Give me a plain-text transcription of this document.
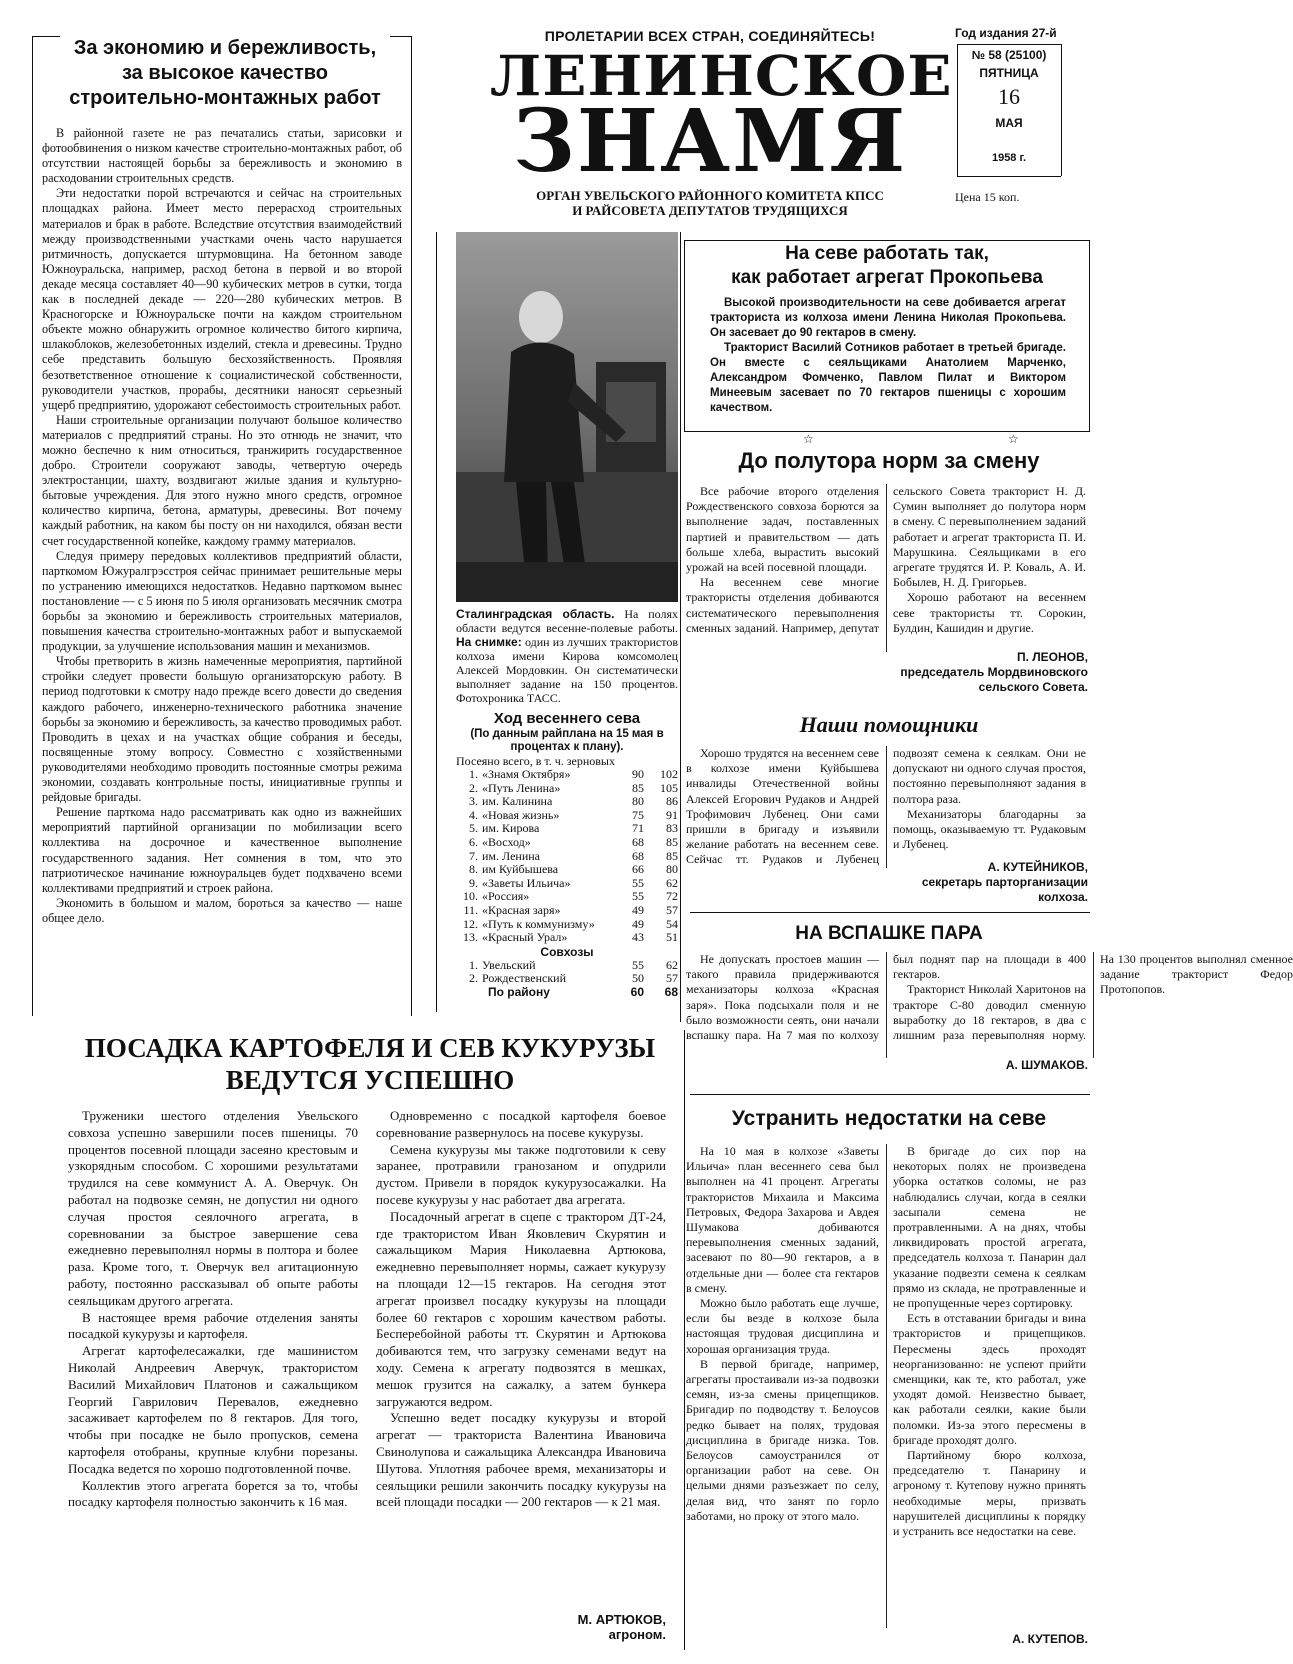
За экономию и бережливость,
за высокое качество
строительно-монтажных работ

В районной газете не раз печатались статьи, зарисовки и фотообвинения о низком качестве строительно-монтажных работ, об отсутствии настоящей борьбы за бережливость и экономию в расходовании строительных средств.

Эти недостатки порой встречаются и сейчас на строительных площадках района. Имеет место перерасход строительных материалов и брак в работе. Вследствие отсутствия взаимодействий между производственными участками очень часто нарушается ритмичность, допускается штурмовщина. На бетонном заводе Южноуральска, например, расход бетона в первой и во второй декаде месяца составляет 40—90 кубических метров в сутки, тогда как в последней декаде — 220—280 кубических метров. В Красногорске и Южноуральске почти на каждом строительном объекте можно обнаружить огромное количество битого кирпича, шлакоблоков, железобетонных изделий, стекла и древесины. Трудно себе представить большую бесхозяйственность. Проявляя безответственное отношение к социалистической собственности, руководители участков, прорабы, десятники наносят серьезный ущерб предприятию, удорожают себестоимость строительных работ.

Наши строительные организации получают большое количество материалов с предприятий страны. Но это отнюдь не значит, что можно беспечно к ним относиться, транжирить государственное добро. Строители сооружают заводы, четвертую очередь электростанции, шахту, воздвигают жилые здания и культурно-бытовые учреждения. Для этого нужно много средств, огромное количество кирпича, бетона, арматуры, древесины. Вот почему каждый работник, на каком бы посту он ни находился, обязан вести счет государственной копейке, каждому грамму материалов.

Следуя примеру передовых коллективов предприятий области, парткомом Южуралгрэсстроя сейчас принимает решительные меры по устранению имеющихся недостатков. Недавно парткомом вынес постановление — с 5 июня по 5 июля организовать месячник смотра борьбы за экономию и бережливость строительных материалов, повышения качества строительно-монтажных работ и выпускаемой продукции, за улучшение использования машин и механизмов.

Чтобы претворить в жизнь намеченные мероприятия, партийной стройки следует провести большую организаторскую работу. В период подготовки к смотру надо прежде всего довести до сведения каждого рабочего, инженерно-технического работника значение борьбы за экономию и бережливость, за качество проводимых работ. Проводить в цехах и на участках общие собрания и беседы, посвященные этому вопросу. Совместно с хозяйственными руководителями необходимо проводить постоянные смотры режима экономии, создавать контрольные посты, инициативные группы и рейдовые бригады.

Решение парткома надо рассматривать как одно из важнейших мероприятий партийной организации по мобилизации всего коллектива на досрочное и качественное выполнение государственного задания. Нет сомнения в том, что это патриотическое начинание южноуральцев будет подхвачено всеми коллективами предприятий и строек района.

Экономить в большом и малом, бороться за качество — наше общее дело.

ПРОЛЕТАРИИ ВСЕХ СТРАН, СОЕДИНЯЙТЕСЬ!
ЛЕНИНСКОЕ
ЗНАМЯ
ОРГАН УВЕЛЬСКОГО РАЙОННОГО КОМИТЕТА КПСС
И РАЙСОВЕТА ДЕПУТАТОВ ТРУДЯЩИХСЯ
Год издания 27-й
№ 58 (25100)
ПЯТНИЦА
16
МАЯ
1958 г.
Цена 15 коп.
Сталинградская область. На полях области ведутся весенне-полевые работы. На снимке: один из лучших трактористов колхоза имени Кирова комсомолец Алексей Мордовкин. Он систематически выполняет задание на 150 процентов. Фотохроника ТАСС.
Ход весеннего сева
(По данным райплана на 15 мая в процентах к плану).
Посеяно всего, в т. ч. зерновых
1.	«Знамя Октября»	90	102
2.	«Путь Ленина»	85	105
3.	им. Калинина	80	86
4.	«Новая жизнь»	75	91
5.	им. Кирова	71	83
6.	«Восход»	68	85
7.	им. Ленина	68	85
8.	им Куйбышева	66	80
9.	«Заветы Ильича»	55	62
10.	«Россия»	55	72
11.	«Красная заря»	49	57
12.	«Путь к коммунизму»	49	54
13.	«Красный Урал»	43	51
Совхозы
1.	Увельский	55	62
2.	Рождественский	50	57
По району	60	68
На севе работать так,
как работает агрегат Прокопьева

Высокой производительности на севе добивается агрегат тракториста из колхоза имени Ленина Николая Прокопьева. Он засевает до 90 гектаров в смену.

Тракторист Василий Сотников работает в третьей бригаде. Он вместе с сеяльщиками Анатолием Марченко, Александром Фомченко, Павлом Пилат и Виктором Минеевым засевает по 70 гектаров пшеницы с хорошим качеством.

☆	☆
До полутора норм за смену

Все рабочие второго отделения Рождественского совхоза борются за выполнение задач, поставленных партией и правительством — дать больше хлеба, вырастить высокий урожай на всей посевной площади.

На весеннем севе многие трактористы отделения добиваются систематического перевыполнения сменных заданий. Например, депутат сельского Совета тракторист Н. Д. Сумин выполняет до полутора норм в смену. С перевыполнением заданий работает и агрегат тракториста П. И. Марушкина. Сеяльщиками в его агрегате трудятся И. Р. Коваль, А. И. Бобылев, Н. Д. Григорьев.

Хорошо работают на весеннем севе трактористы тт. Сорокин, Булдин, Кашидин и другие.

П. ЛЕОНОВ,
председатель Мордвиновского
сельского Совета.
Наши помощники

Хорошо трудятся на весеннем севе в колхозе имени Куйбышева инвалиды Отечественной войны Алексей Егорович Рудаков и Андрей Трофимович Лубенец. Они сами пришли в бригаду и изъявили желание работать на весеннем севе. Сейчас тт. Рудаков и Лубенец подвозят семена к сеялкам. Они не допускают ни одного случая простоя, постоянно перевыполняют задания в полтора раза.

Механизаторы благодарны за помощь, оказываемую тт. Рудаковым и Лубенец.

А. КУТЕЙНИКОВ,
секретарь парторганизации
колхоза.
НА ВСПАШКЕ ПАРА

Не допускать простоев машин — такого правила придерживаются механизаторы колхоза «Красная заря». Пока подсыхали поля и не было возможности сеять, они начали вспашку пара. На 7 мая по колхозу был поднят пар на площади в 400 гектаров.

Тракторист Николай Харитонов на тракторе С-80 доводил сменную выработку до 18 гектаров, в два с лишним раза перевыполняя норму. На 130 процентов выполнял сменное задание тракторист Федор Протопопов.

А. ШУМАКОВ.
ПОСАДКА КАРТОФЕЛЯ И СЕВ КУКУРУЗЫ
ВЕДУТСЯ УСПЕШНО

Труженики шестого отделения Увельского совхоза успешно завершили посев пшеницы. 70 процентов посевной площади засеяно крестовым и узкорядным способом. С хорошими результатами трудился на севе коммунист А. А. Оверчук. Он работал на подвозке семян, не допустил ни одного случая простоя сеялочного агрегата, в соревновании за быстрое завершение сева ежедневно перевыполнял нормы в полтора и более раза. Кроме того, т. Оверчук вел агитационную работу, постоянно рассказывал об опыте работы сеяльщикам другого агрегата.

В настоящее время рабочие отделения заняты посадкой кукурузы и картофеля.

Агрегат картофелесажалки, где машинистом Николай Андреевич Аверчук, трактористом Василий Михайлович Платонов и сажальщиком Георгий Гаврилович Перевалов, ежедневно засаживает картофелем по 8 гектаров. Для того, чтобы при посадке не было пропусков, семена картофеля отобраны, крупные клубни порезаны. Посадка ведется по хорошо подготовленной почве.

Коллектив этого агрегата борется за то, чтобы посадку картофеля полностью закончить к 16 мая.

Одновременно с посадкой картофеля боевое соревнование развернулось на посеве кукурузы.

Семена кукурузы мы также подготовили к севу заранее, протравили гранозаном и опудрили дустом. Привели в порядок кукурузосажалки. На посеве кукурузы у нас работает два агрегата.

Посадочный агрегат в сцепе с трактором ДТ-24, где трактористом Иван Яковлевич Скурятин и сажальщиком Мария Николаевна Артюкова, ежедневно перевыполняет нормы, сажает кукурузу на площади 12—15 гектаров. На сегодня этот агрегат произвел посадку кукурузы на площади более 60 гектаров с хорошим качеством работы. Бесперебойной работы тт. Скурятин и Артюкова добиваются тем, что загрузку семенами ведут на ходу. Семена к агрегату подвозятся в мешках, мешок грузится на сажалку, а затем бункера загружаются ведром.

Успешно ведет посадку кукурузы и второй агрегат — тракториста Валентина Ивановича Свинолупова и сажальщика Александра Ивановича Шутова. Уплотняя рабочее время, механизаторы и сеяльщики решили закончить посадку кукурузы на всей площади посадки — 200 гектаров — к 21 мая.

М. АРТЮКОВ,
агроном.
Устранить недостатки на севе

На 10 мая в колхозе «Заветы Ильича» план весеннего сева был выполнен на 41 процент. Агрегаты трактористов Михаила и Максима Петровых, Федора Захарова и Авдея Шумакова добиваются перевыполнения сменных заданий, засевают по 80—90 гектаров, а в отдельные дни — более ста гектаров в смену.

Можно было работать еще лучше, если бы везде в колхозе была настоящая трудовая дисциплина и хорошая организация труда.

В первой бригаде, например, агрегаты простаивали из-за подвозки семян, из-за смены прицепщиков. Бригадир по подводству т. Белоусов редко бывает на полях, трудовая дисциплина в бригаде низка. Тов. Белоусов самоустранился от организации работ на севе. Он целыми днями разъезжает по селу, делая вид, что занят по горло заботами, но проку от этого мало.

В бригаде до сих пор на некоторых полях не произведена уборка остатков соломы, не раз наблюдались случаи, когда в сеялки засыпали семена не протравленными. А на днях, чтобы ликвидировать простой агрегата, председатель колхоза т. Панарин дал указание подвезти семена к сеялкам прямо из склада, не протравленные и не пропущенные через сортировку.

Есть в отставании бригады и вина трактористов и прицепщиков. Пересмены здесь проходят неорганизованно: не успеют прийти сменщики, как те, кто работал, уже уходят домой. Неизвестно бывает, как работали сеялки, какие были поломки. Из-за этого пересмены в бригаде проходят долго.

Партийному бюро колхоза, председателю т. Панарину и агроному т. Кутепову нужно принять необходимые меры, призвать нарушителей дисциплины к порядку и устранить все недостатки на севе.

А. КУТЕПОВ.
